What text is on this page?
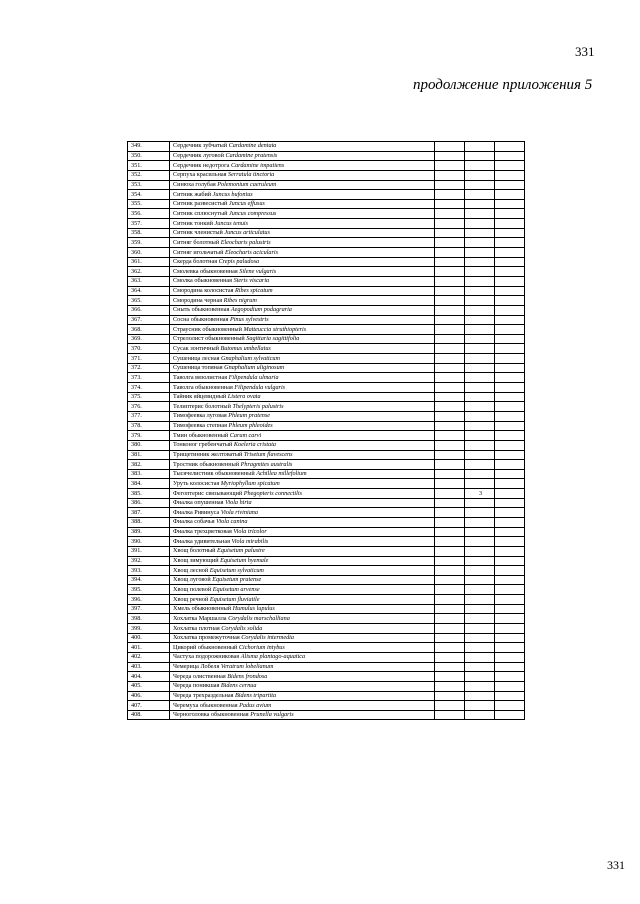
331
продолжение приложения 5
349.	Сердечник зубчатый Cardamine dentata			
350.	Сердечник луговой Cardamine pratensis			
351.	Сердечник недотрога Cardamine impatiens			
352.	Серпуха красильная Serratula tinctoria			
353.	Синюха голубая Polemonium caeruleum			
354.	Ситник жабий Juncus bufonius			
355.	Ситник развесистый Juncus effusus			
356.	Ситник сплюснутый Juncus compressus			
357.	Ситник тонкий Juncus tenuis			
358.	Ситник членистый Juncus articulatus			
359.	Ситняг болотный Eleocharis palustris			
360.	Ситняг игольчатый Eleocharis acicularis			
361.	Скерда болотная Crepis paludosa			
362.	Смолевка обыкновенная Silene vulgaris			
363.	Смолка обыкновенная Steris viscaria			
364.	Смородина колосистая Ribes spicatum			
365.	Смородина черная Ribes nigrum			
366.	Сныть обыкновенная Aegopodium podagraria			
367.	Сосна обыкновенная Pinus sylvestris			
368.	Страусник обыкновенный Matteuccia struthiopteris			
369.	Стрелолист обыкновенный Sagittaria sagittifolia			
370.	Сусак зонтичный Butomus umbellatus			
371.	Сушеница лесная Gnaphalium sylvaticum			
372.	Сушеница топяная Gnaphalium uliginosum			
373.	Таволга вязолистная Filipendula ulmaria			
374.	Таволга обыкновенная Filipendula vulgaris			
375.	Тайник яйцевидный Listera ovata			
376.	Телиптерис болотный Thelypteris palustris			
377.	Тимофеевка луговая Phleum pratense			
378.	Тимофеевка степная Phleum phleoides			
379.	Тмин обыкновенный Carum carvi			
380.	Тонконог гребенчатый Koeleria cristata			
381.	Трищетинник желтоватый Trisetum flavescens			
382.	Тростник обыкновенный Phragmites australis			
383.	Тысячелистник обыкновенный Achillea millefolium			
384.	Уруть колосистая Myriophyllum spicatum			
385.	Фегоптерис связывающий Phegopteris connectilis		3	
386.	Фиалка опушенная Viola hirta			
387.	Фиалка Ривинуса Viola riviniana			
388.	Фиалка собачья Viola canina			
389.	Фиалка трехцветковая Viola tricolor			
390.	Фиалка удивительная Viola mirabilis			
391.	Хвощ болотный Equisetum palustre			
392.	Хвощ зимующий Equisetum hyemale			
393.	Хвощ лесной Equisetum sylvaticum			
394.	Хвощ луговой Equisetum pratense			
395.	Хвощ полевой Equisetum arvense			
396.	Хвощ речной Equisetum fluviatile			
397.	Хмель обыкновенный Humulus lupulus			
398.	Хохлатка Маршалла Corydalis marschalliana			
399.	Хохлатка плотная Corydalis solida			
400.	Хохлатка промежуточная Corydalis intermedia			
401.	Цикорий обыкновенный Cichorium intybus			
402.	Частуха подорожниковая Alisma plantago-aquatica			
403.	Чемерица Лобеля Veratrum lobelianum			
404.	Череда олиственная Bidens frondosa			
405.	Череда поникшая Bidens cernua			
406.	Череда трехраздельная Bidens tripartita			
407.	Черемуха обыкновенная Padus avium			
408.	Черноголовка обыкновенная Prunella vulgaris			
331
